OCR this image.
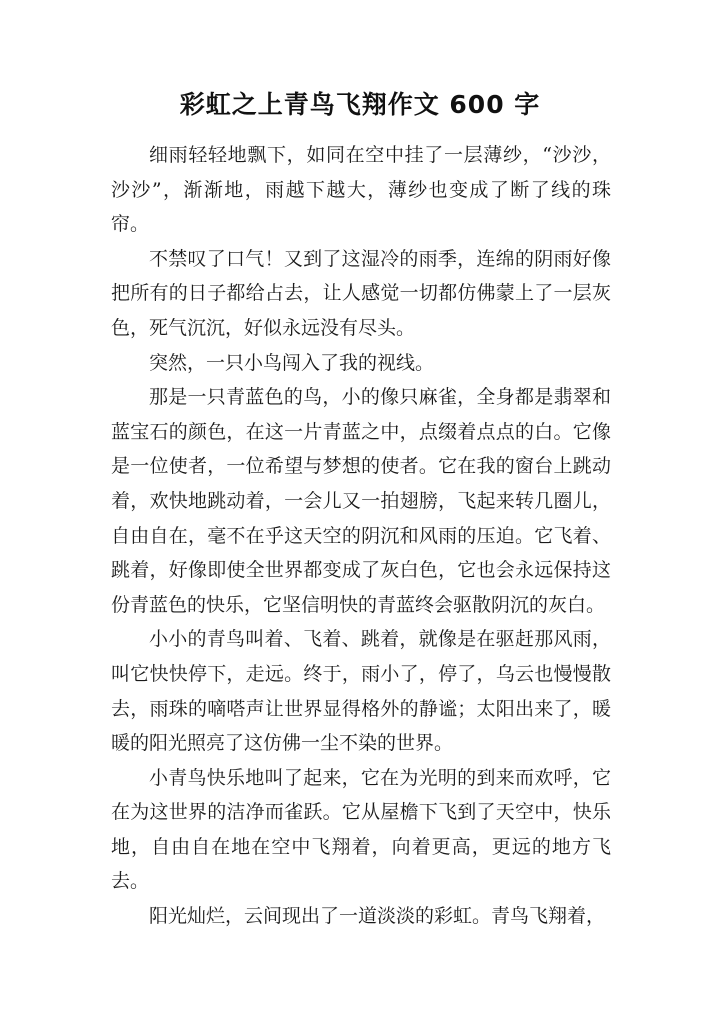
彩虹之上青鸟飞翔作文 600 字

细雨轻轻地飘下，如同在空中挂了一层薄纱，“沙沙，沙沙”，渐渐地，雨越下越大，薄纱也变成了断了线的珠帘。

不禁叹了口气！又到了这湿冷的雨季，连绵的阴雨好像把所有的日子都给占去，让人感觉一切都仿佛蒙上了一层灰色，死气沉沉，好似永远没有尽头。

突然，一只小鸟闯入了我的视线。

那是一只青蓝色的鸟，小的像只麻雀，全身都是翡翠和蓝宝石的颜色，在这一片青蓝之中，点缀着点点的白。它像是一位使者，一位希望与梦想的使者。它在我的窗台上跳动着，欢快地跳动着，一会儿又一拍翅膀，飞起来转几圈儿，自由自在，毫不在乎这天空的阴沉和风雨的压迫。它飞着、跳着，好像即使全世界都变成了灰白色，它也会永远保持这份青蓝色的快乐，它坚信明快的青蓝终会驱散阴沉的灰白。

小小的青鸟叫着、飞着、跳着，就像是在驱赶那风雨，叫它快快停下，走远。终于，雨小了，停了，乌云也慢慢散去，雨珠的嘀嗒声让世界显得格外的静谧；太阳出来了，暖暖的阳光照亮了这仿佛一尘不染的世界。

小青鸟快乐地叫了起来，它在为光明的到来而欢呼，它在为这世界的洁净而雀跃。它从屋檐下飞到了天空中，快乐地，自由自在地在空中飞翔着，向着更高，更远的地方飞去。

阳光灿烂，云间现出了一道淡淡的彩虹。青鸟飞翔着，
